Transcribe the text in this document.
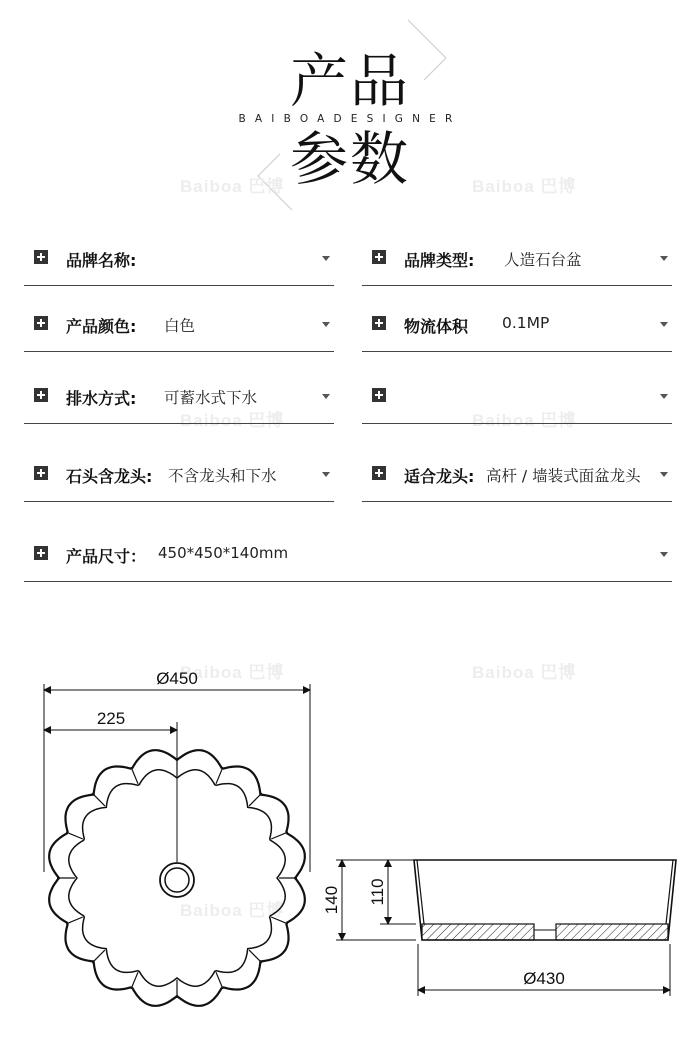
产品
BAIBOADESIGNER
参数
Baiboa 巴博	Baiboa 巴博
Baiboa 巴博	Baiboa 巴博
Baiboa 巴博	Baiboa 巴博
Baiboa 巴博
品牌名称:	品牌类型: 人造石台盆
产品颜色: 白色	物流体积 0.1MP
排水方式: 可蓄水式下水
石头含龙头: 不含龙头和下水	适合龙头: 高杆 / 墙装式面盆龙头
产品尺寸： 450*450*140mm
Ø450
225
140 110
Ø430
